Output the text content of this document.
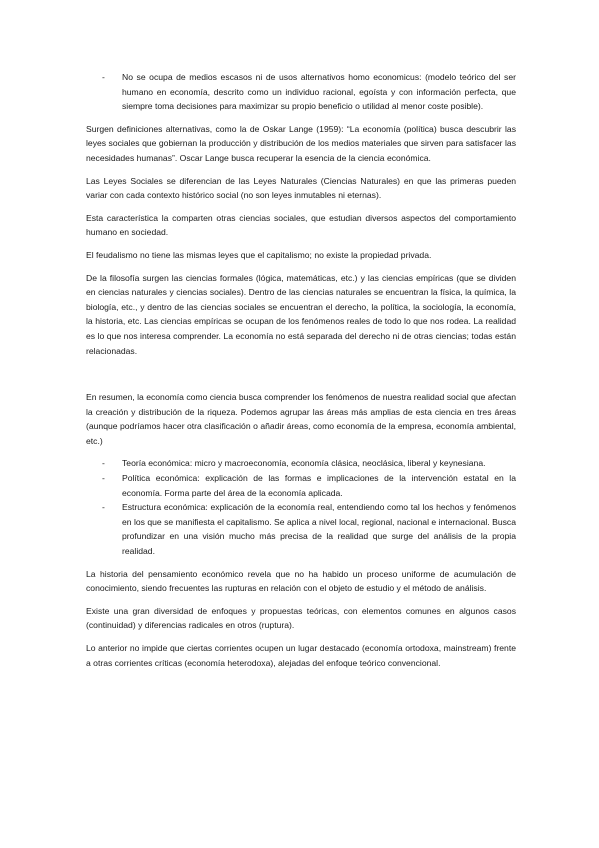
- No se ocupa de medios escasos ni de usos alternativos homo economicus: (modelo teórico del ser humano en economía, descrito como un individuo racional, egoísta y con información perfecta, que siempre toma decisiones para maximizar su propio beneficio o utilidad al menor coste posible).

Surgen definiciones alternativas, como la de Oskar Lange (1959): “La economía (política) busca descubrir las leyes sociales que gobiernan la producción y distribución de los medios materiales que sirven para satisfacer las necesidades humanas”. Oscar Lange busca recuperar la esencia de la ciencia económica.

Las Leyes Sociales se diferencian de las Leyes Naturales (Ciencias Naturales) en que las primeras pueden variar con cada contexto histórico social (no son leyes inmutables ni eternas).

Esta característica la comparten otras ciencias sociales, que estudian diversos aspectos del comportamiento humano en sociedad.

El feudalismo no tiene las mismas leyes que el capitalismo; no existe la propiedad privada.

De la filosofía surgen las ciencias formales (lógica, matemáticas, etc.) y las ciencias empíricas (que se dividen en ciencias naturales y ciencias sociales). Dentro de las ciencias naturales se encuentran la física, la química, la biología, etc., y dentro de las ciencias sociales se encuentran el derecho, la política, la sociología, la economía, la historia, etc. Las ciencias empíricas se ocupan de los fenómenos reales de todo lo que nos rodea. La realidad es lo que nos interesa comprender. La economía no está separada del derecho ni de otras ciencias; todas están relacionadas.

En resumen, la economía como ciencia busca comprender los fenómenos de nuestra realidad social que afectan la creación y distribución de la riqueza. Podemos agrupar las áreas más amplias de esta ciencia en tres áreas (aunque podríamos hacer otra clasificación o añadir áreas, como economía de la empresa, economía ambiental, etc.)

- Teoría económica: micro y macroeconomía, economía clásica, neoclásica, liberal y keynesiana.
- Política económica: explicación de las formas e implicaciones de la intervención estatal en la economía. Forma parte del área de la economía aplicada.
- Estructura económica: explicación de la economía real, entendiendo como tal los hechos y fenómenos en los que se manifiesta el capitalismo. Se aplica a nivel local, regional, nacional e internacional. Busca profundizar en una visión mucho más precisa de la realidad que surge del análisis de la propia realidad.

La historia del pensamiento económico revela que no ha habido un proceso uniforme de acumulación de conocimiento, siendo frecuentes las rupturas en relación con el objeto de estudio y el método de análisis.

Existe una gran diversidad de enfoques y propuestas teóricas, con elementos comunes en algunos casos (continuidad) y diferencias radicales en otros (ruptura).

Lo anterior no impide que ciertas corrientes ocupen un lugar destacado (economía ortodoxa, mainstream) frente a otras corrientes críticas (economía heterodoxa), alejadas del enfoque teórico convencional.
